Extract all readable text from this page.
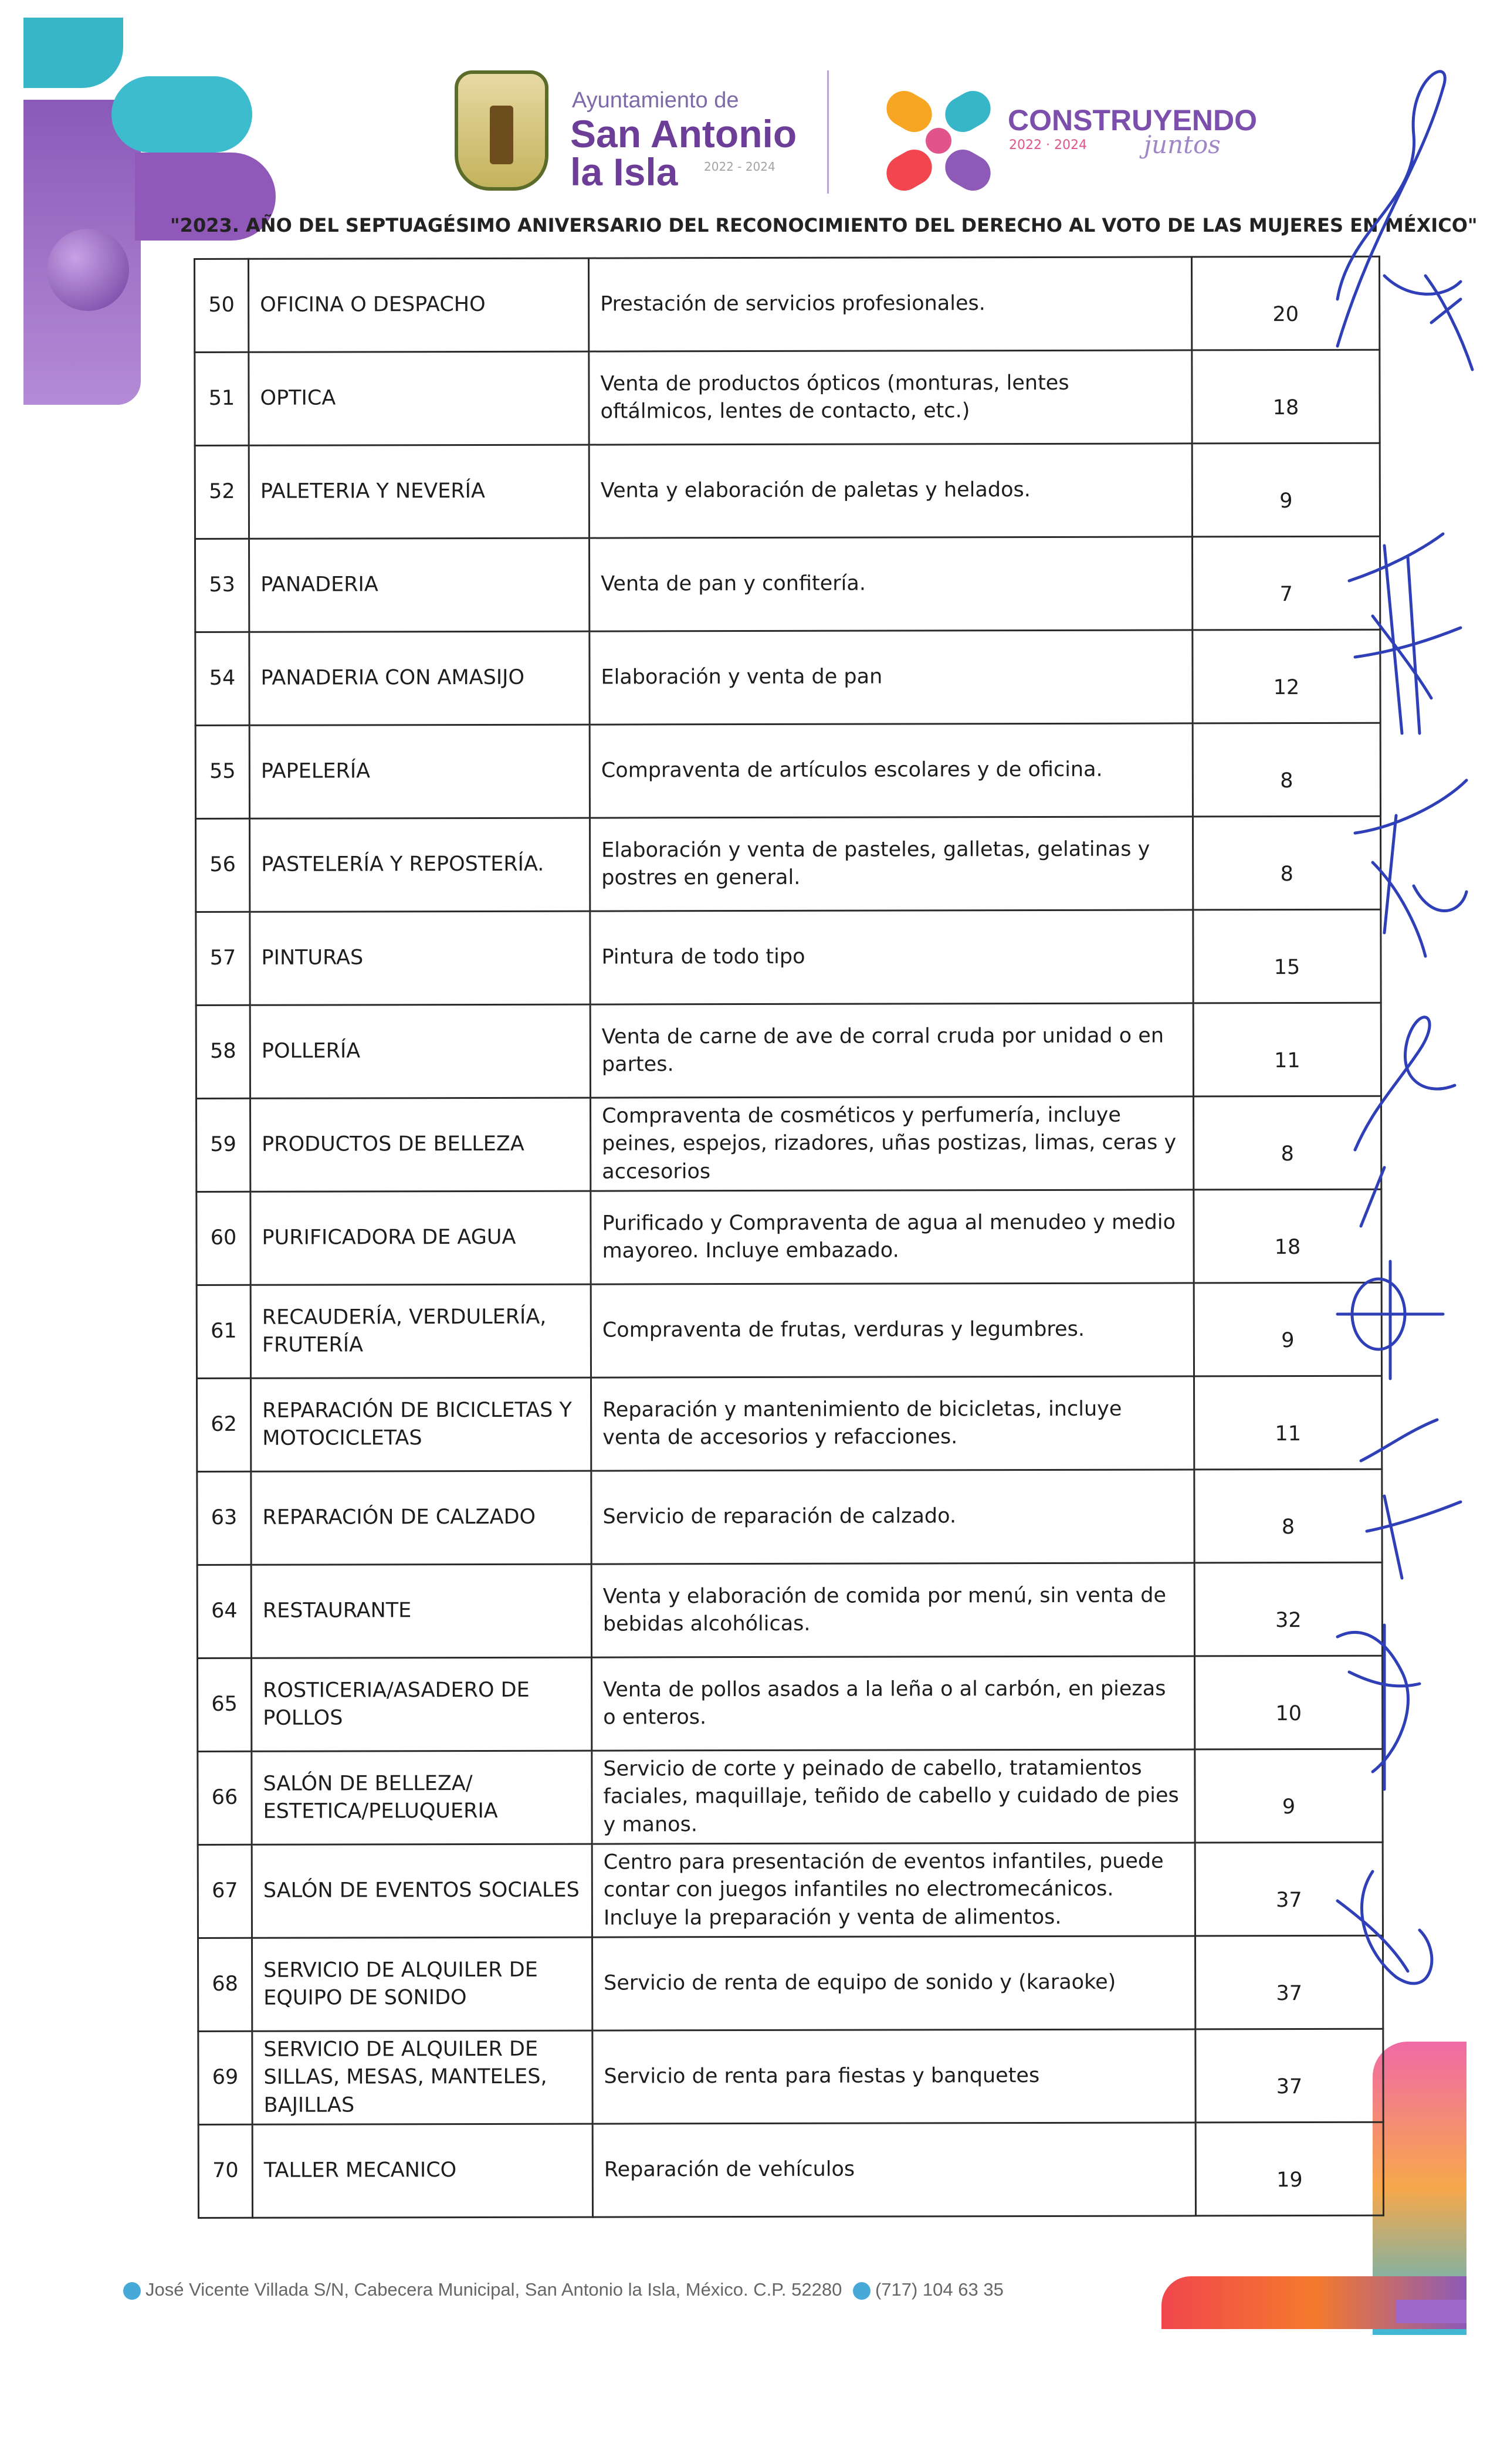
Ayuntamiento de
San Antonio
la Isla 2022 - 2024
CONSTRUYENDO
2022 · 2024 juntos
"2023. AÑO DEL SEPTUAGÉSIMO ANIVERSARIO DEL RECONOCIMIENTO DEL DERECHO AL VOTO DE LAS MUJERES EN MÉXICO"
50	OFICINA O DESPACHO	Prestación de servicios profesionales.	20
51	OPTICA	Venta de productos ópticos (monturas, lentes oftálmicos, lentes de contacto, etc.)	18
52	PALETERIA Y NEVERÍA	Venta y elaboración de paletas y helados.	9
53	PANADERIA	Venta de pan y confitería.	7
54	PANADERIA CON AMASIJO	Elaboración y venta de pan	12
55	PAPELERÍA	Compraventa de artículos escolares y de oficina.	8
56	PASTELERÍA Y REPOSTERÍA.	Elaboración y venta de pasteles, galletas, gelatinas y postres en general.	8
57	PINTURAS	Pintura de todo tipo	15
58	POLLERÍA	Venta de carne de ave de corral cruda por unidad o en partes.	11
59	PRODUCTOS DE BELLEZA	Compraventa de cosméticos y perfumería, incluye peines, espejos, rizadores, uñas postizas, limas, ceras y accesorios	8
60	PURIFICADORA DE AGUA	Purificado y Compraventa de agua al menudeo y medio mayoreo. Incluye embazado.	18
61	RECAUDERÍA, VERDULERÍA, FRUTERÍA	Compraventa de frutas, verduras y legumbres.	9
62	REPARACIÓN DE BICICLETAS Y MOTOCICLETAS	Reparación y mantenimiento de bicicletas, incluye venta de accesorios y refacciones.	11
63	REPARACIÓN DE CALZADO	Servicio de reparación de calzado.	8
64	RESTAURANTE	Venta y elaboración de comida por menú, sin venta de bebidas alcohólicas.	32
65	ROSTICERIA/ASADERO DE POLLOS	Venta de pollos asados a la leña o al carbón, en piezas o enteros.	10
66	SALÓN DE BELLEZA/ ESTETICA/PELUQUERIA	Servicio de corte y peinado de cabello, tratamientos faciales, maquillaje, teñido de cabello y cuidado de pies y manos.	9
67	SALÓN DE EVENTOS SOCIALES	Centro para presentación de eventos infantiles, puede contar con juegos infantiles no electromecánicos. Incluye la preparación y venta de alimentos.	37
68	SERVICIO DE ALQUILER DE EQUIPO DE SONIDO	Servicio de renta de equipo de sonido y (karaoke)	37
69	SERVICIO DE ALQUILER DE SILLAS, MESAS, MANTELES, BAJILLAS	Servicio de renta para fiestas y banquetes	37
70	TALLER MECANICO	Reparación de vehículos	19
José Vicente Villada S/N, Cabecera Municipal, San Antonio la Isla, México. C.P. 52280 (717) 104 63 35
